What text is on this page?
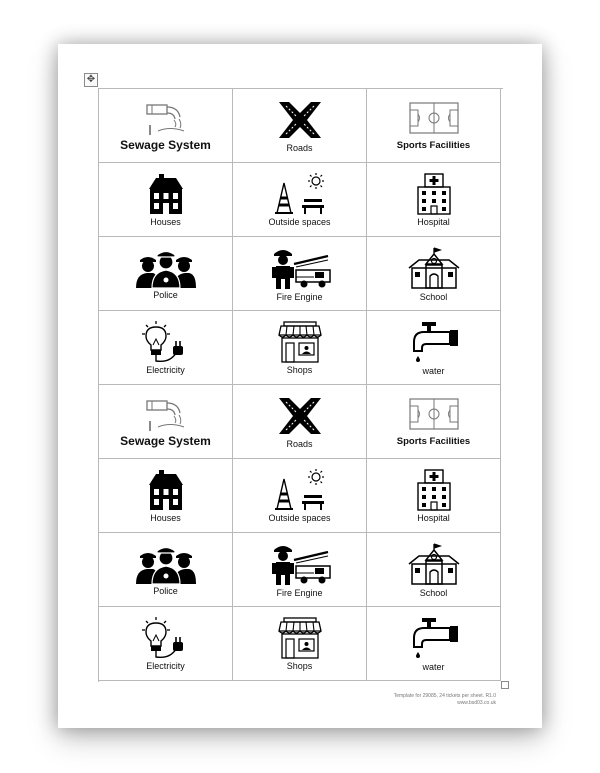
✥
Sewage System	Roads	Sports Facilities
Houses	Outside spaces	Hospital
Police	Fire Engine	School
Electricity	Shops	water
Sewage System	Roads	Sports Facilities
Houses	Outside spaces	Hospital
Police	Fire Engine	School
Electricity	Shops	water
Template for 29085, 24 tickets per sheet. R1.0
www.bsd03.co.uk
